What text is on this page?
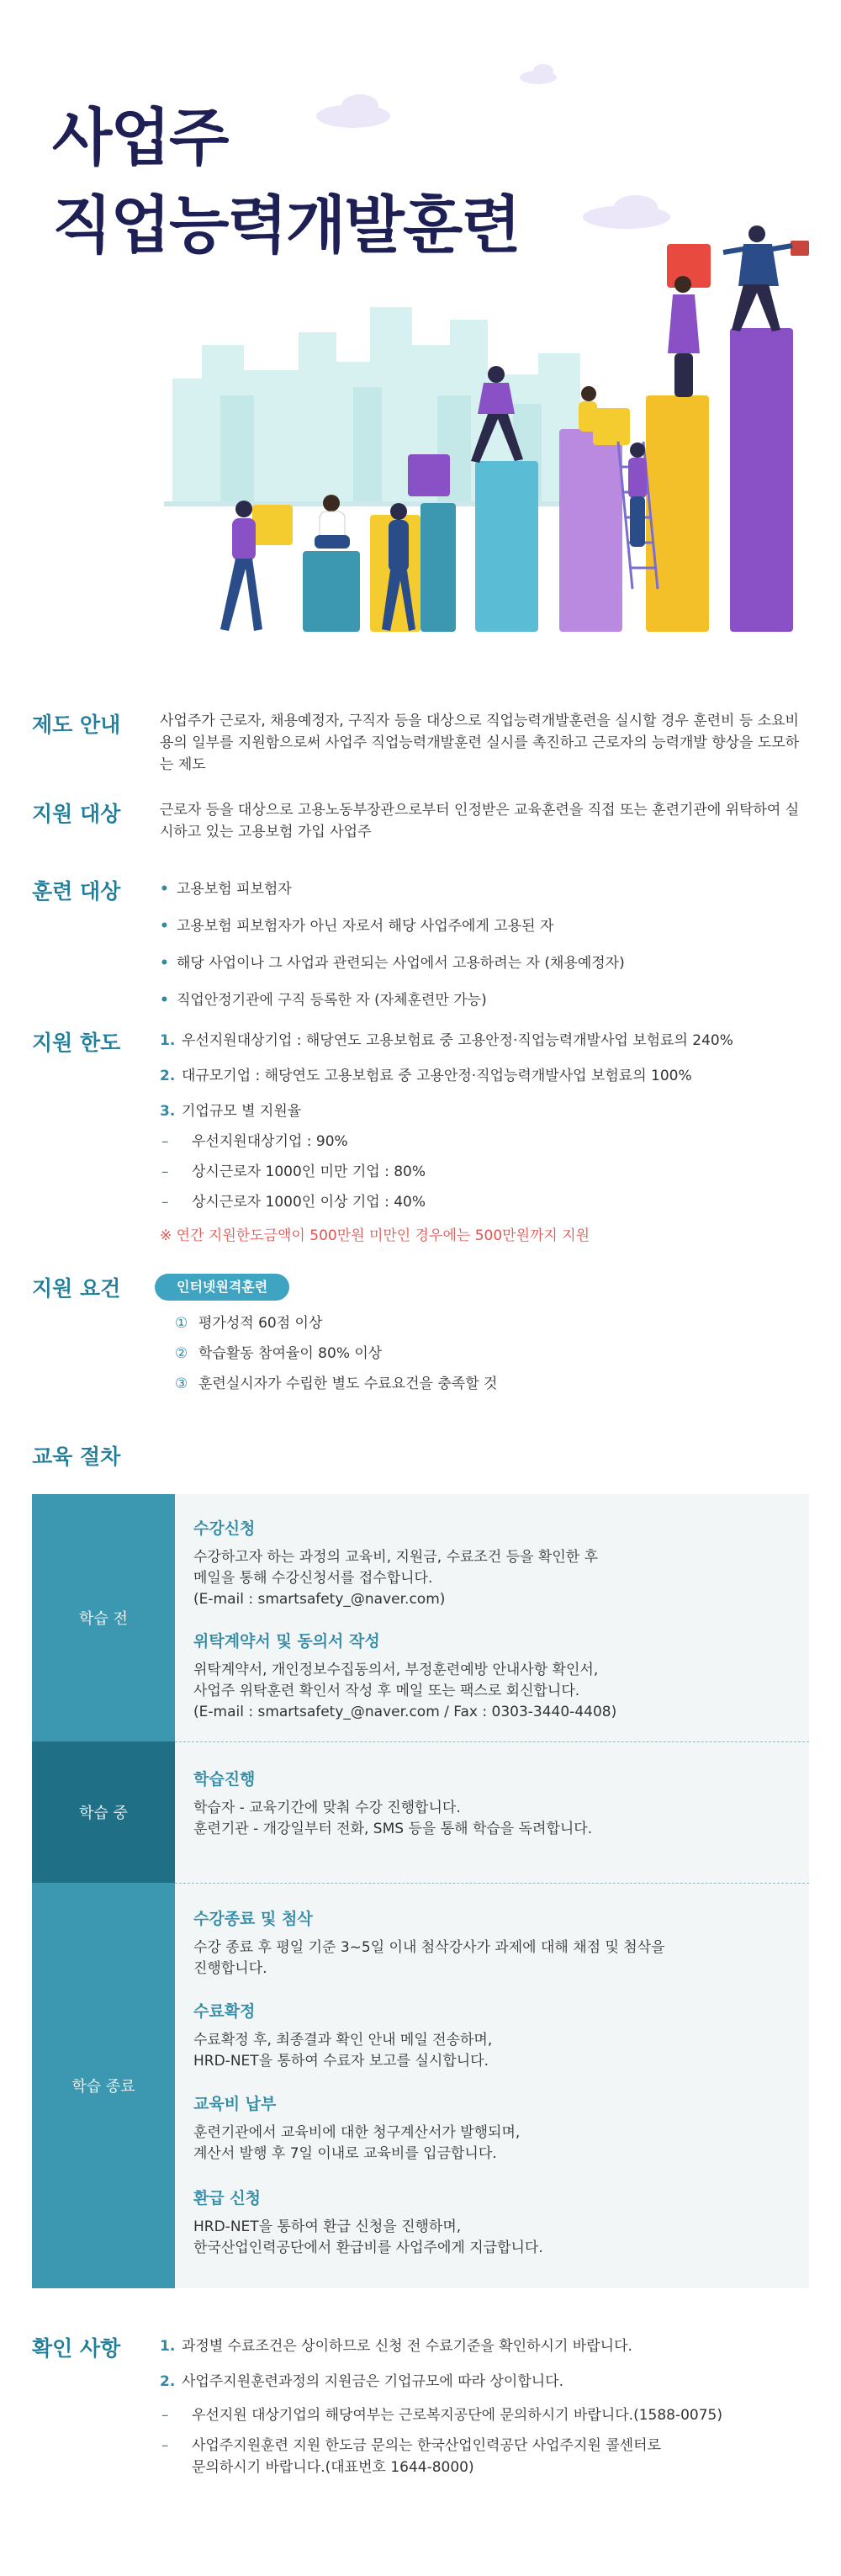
사업주
직업능력개발훈련
제도 안내	사업주가 근로자, 채용예정자, 구직자 등을 대상으로 직업능력개발훈련을 실시할 경우 훈련비 등 소요비용의 일부를 지원함으로써 사업주 직업능력개발훈련 실시를 촉진하고 근로자의 능력개발 향상을 도모하는 제도
지원 대상	근로자 등을 대상으로 고용노동부장관으로부터 인정받은 교육훈련을 직접 또는 훈련기관에 위탁하여 실시하고 있는 고용보험 가입 사업주
훈련 대상
•	고용보험 피보험자
• 고용보험 피보험자가 아닌 자로서 해당 사업주에게 고용된 자
• 해당 사업이나 그 사업과 관련되는 사업에서 고용하려는 자 (채용예정자)
• 직업안정기관에 구직 등록한 자 (자체훈련만 가능)
지원 한도	1. 우선지원대상기업 : 해당연도 고용보험료 중 고용안정·직업능력개발사업 보험료의 240%
2. 대규모기업 : 해당연도 고용보험료 중 고용안정·직업능력개발사업 보험료의 100%
3. 기업규모 별 지원율
– 우선지원대상기업 : 90%
– 상시근로자 1000인 미만 기업 : 80%
– 상시근로자 1000인 이상 기업 : 40%
※ 연간 지원한도금액이 500만원 미만인 경우에는 500만원까지 지원
지원 요건	인터넷원격훈련
① 평가성적 60점 이상
② 학습활동 참여율이 80% 이상
③ 훈련실시자가 수립한 별도 수료요건을 충족할 것
교육 절차
학습 전
수강신청
수강하고자 하는 과정의 교육비, 지원금, 수료조건 등을 확인한 후
메일을 통해 수강신청서를 접수합니다.
(E-mail : smartsafety_@naver.com)
위탁계약서 및 동의서 작성
위탁계약서, 개인정보수집동의서, 부정훈련예방 안내사항 확인서,
사업주 위탁훈련 확인서 작성 후 메일 또는 팩스로 회신합니다.
(E-mail : smartsafety_@naver.com / Fax : 0303-3440-4408)
학습 중
학습진행
학습자 - 교육기간에 맞춰 수강 진행합니다.
훈련기관 - 개강일부터 전화, SMS 등을 통해 학습을 독려합니다.
학습 종료
수강종료 및 첨삭
수강 종료 후 평일 기준 3~5일 이내 첨삭강사가 과제에 대해 채점 및 첨삭을
진행합니다.
수료확정
수료확정 후, 최종결과 확인 안내 메일 전송하며,
HRD-NET을 통하여 수료자 보고를 실시합니다.
교육비 납부
훈련기관에서 교육비에 대한 청구계산서가 발행되며,
계산서 발행 후 7일 이내로 교육비를 입금합니다.
환급 신청
HRD-NET을 통하여 환급 신청을 진행하며,
한국산업인력공단에서 환급비를 사업주에게 지급합니다.
확인 사항	1. 과정별 수료조건은 상이하므로 신청 전 수료기준을 확인하시기 바랍니다.
2. 사업주지원훈련과정의 지원금은 기업규모에 따라 상이합니다.
– 우선지원 대상기업의 해당여부는 근로복지공단에 문의하시기 바랍니다.(1588-0075)
– 사업주지원훈련 지원 한도금 문의는 한국산업인력공단 사업주지원 콜센터로
문의하시기 바랍니다.(대표번호 1644-8000)
